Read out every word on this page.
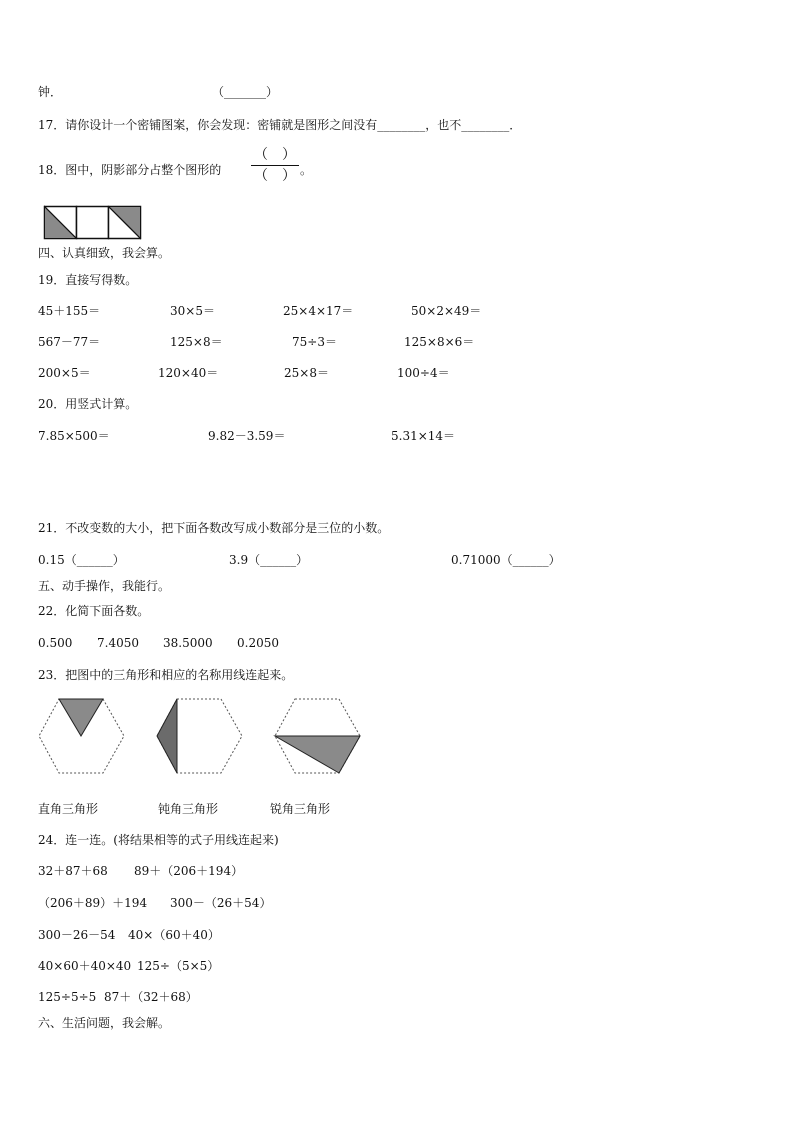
钟．	（_______）
17．请你设计一个密铺图案，你会发现：密铺就是图形之间没有________，也不________．
18．图中，阴影部分占整个图形的
（　）
（　） 。
四、认真细致，我会算。
19．直接写得数。
45＋155＝	30×5＝	25×4×17＝	50×2×49＝
567－77＝	125×8＝	75÷3＝	125×8×6＝
200×5＝	120×40＝	25×8＝	100÷4＝
20．用竖式计算。
7.85×500＝	9.82－3.59＝	5.31×14＝
21．不改变数的大小，把下面各数改写成小数部分是三位的小数。
0.15（______）	3.9（______）	0.71000（______）
五、动手操作，我能行。
22．化简下面各数。
0.500 7.4050 38.5000 0.2050
23．把图中的三角形和相应的名称用线连起来。
直角三角形	钝角三角形	锐角三角形
24．连一连。(将结果相等的式子用线连起来)
32＋87＋68 89＋（206＋194）
（206＋89）＋194 300－（26＋54）
300－26－54 40×（60＋40）
40×60＋40×40 125÷（5×5）
125÷5÷5 87＋（32＋68）
六、生活问题，我会解。
